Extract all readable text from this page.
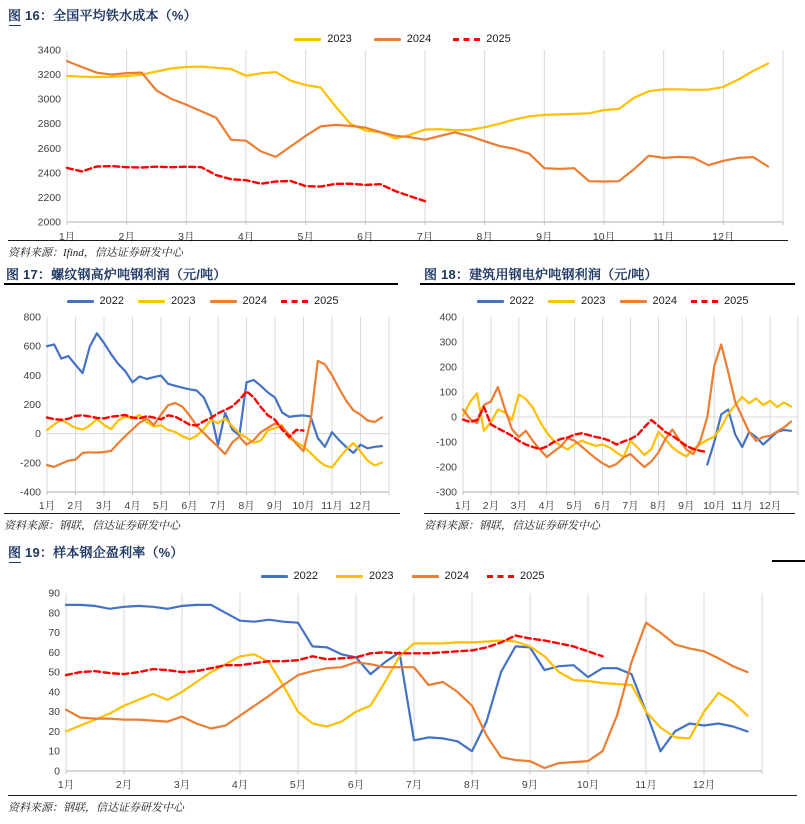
图 16：全国平均铁水成本（%）
2023	2024	2025
3400
3200
3000
2800
2600
2400
2200
2000
1月	2月	3月	4月	5月	6月	7月	8月	9月	10月	11月	12月
资料来源：Ifind，信达证券研发中心
图 17：螺纹钢高炉吨钢利润（元/吨）
2022	2023	2024	2025
800
600
400
200
0
-200
-400
1月 2月 3月 4月 5月 6月 7月 8月 9月 10月 11月 12月
资料来源：钢联，信达证券研发中心
图 18：建筑用钢电炉吨钢利润（元/吨）
2022	2023	2024	2025
400
300
200
100
0
-100
-200
-300
1月 2月 3月 4月 5月 6月 7月 8月 9月 10月 11月 12月
资料来源：钢联，信达证券研发中心
图 19：样本钢企盈利率（%）
2022	2023	2024	2025
90
80
70
60
50
40
30
20
10
0
1月	2月	3月	4月	5月	6月	7月	8月	9月	10月	11月	12月
资料来源：钢联，信达证券研发中心
